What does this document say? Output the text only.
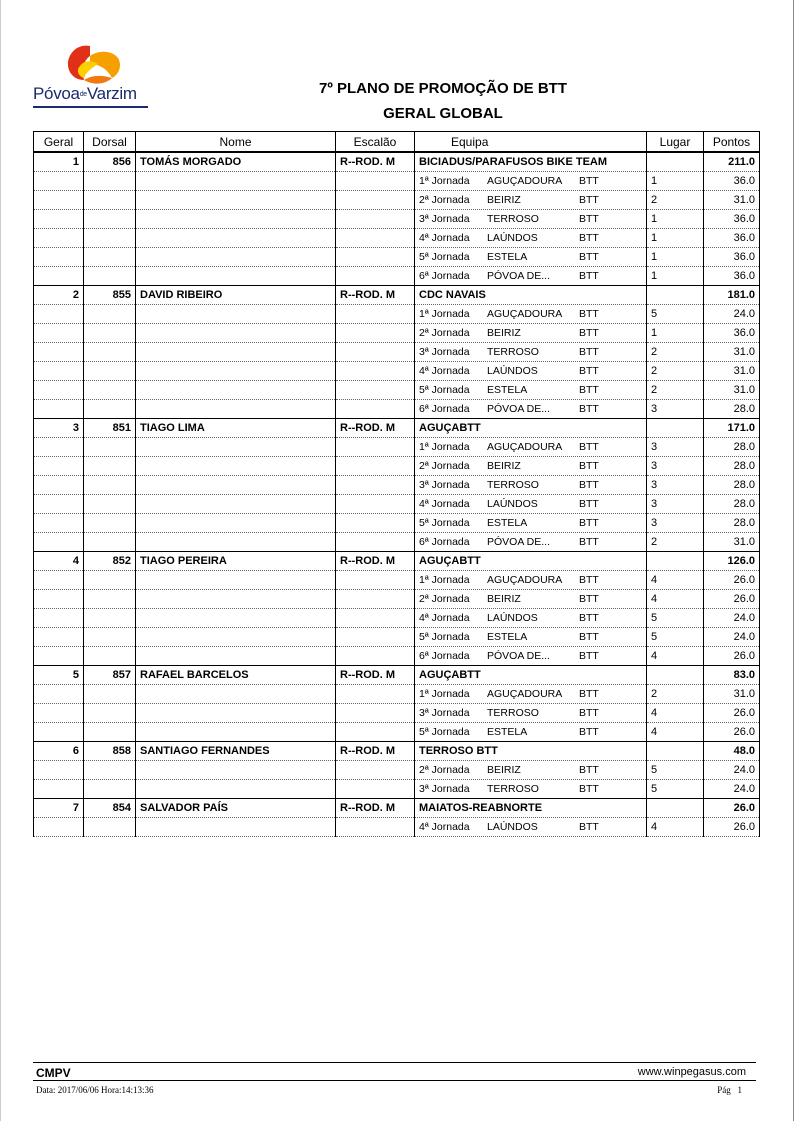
PóvoadeVarzim	7º PLANO DE PROMOÇÃO DE BTT
GERAL GLOBAL
Geral	Dorsal	Nome	Escalão	Equipa	Lugar	Pontos
1	856	TOMÁS MORGADO	R--ROD. M	BICIADUS/PARAFUSOS BIKE TEAM		211.0
				1ª Jornada AGUÇADOURA BTT	1	36.0
				2ª Jornada BEIRIZ BTT	2	31.0
				3ª Jornada TERROSO BTT	1	36.0
				4ª Jornada LAÚNDOS BTT	1	36.0
				5ª Jornada ESTELA BTT	1	36.0
				6ª Jornada PÓVOA DE... BTT	1	36.0
2	855	DAVID RIBEIRO	R--ROD. M	CDC NAVAIS		181.0
				1ª Jornada AGUÇADOURA BTT	5	24.0
				2ª Jornada BEIRIZ BTT	1	36.0
				3ª Jornada TERROSO BTT	2	31.0
				4ª Jornada LAÚNDOS BTT	2	31.0
				5ª Jornada ESTELA BTT	2	31.0
				6ª Jornada PÓVOA DE... BTT	3	28.0
3	851	TIAGO LIMA	R--ROD. M	AGUÇABTT		171.0
				1ª Jornada AGUÇADOURA BTT	3	28.0
				2ª Jornada BEIRIZ BTT	3	28.0
				3ª Jornada TERROSO BTT	3	28.0
				4ª Jornada LAÚNDOS BTT	3	28.0
				5ª Jornada ESTELA BTT	3	28.0
				6ª Jornada PÓVOA DE... BTT	2	31.0
4	852	TIAGO PEREIRA	R--ROD. M	AGUÇABTT		126.0
				1ª Jornada AGUÇADOURA BTT	4	26.0
				2ª Jornada BEIRIZ BTT	4	26.0
				4ª Jornada LAÚNDOS BTT	5	24.0
				5ª Jornada ESTELA BTT	5	24.0
				6ª Jornada PÓVOA DE... BTT	4	26.0
5	857	RAFAEL BARCELOS	R--ROD. M	AGUÇABTT		83.0
				1ª Jornada AGUÇADOURA BTT	2	31.0
				3ª Jornada TERROSO BTT	4	26.0
				5ª Jornada ESTELA BTT	4	26.0
6	858	SANTIAGO FERNANDES	R--ROD. M	TERROSO BTT		48.0
				2ª Jornada BEIRIZ BTT	5	24.0
				3ª Jornada TERROSO BTT	5	24.0
7	854	SALVADOR PAÍS	R--ROD. M	MAIATOS-REABNORTE		26.0
				4ª Jornada LAÚNDOS BTT	4	26.0
CMPV	www.winpegasus.com
Data: 2017/06/06 Hora:14:13:36	Pág 1
